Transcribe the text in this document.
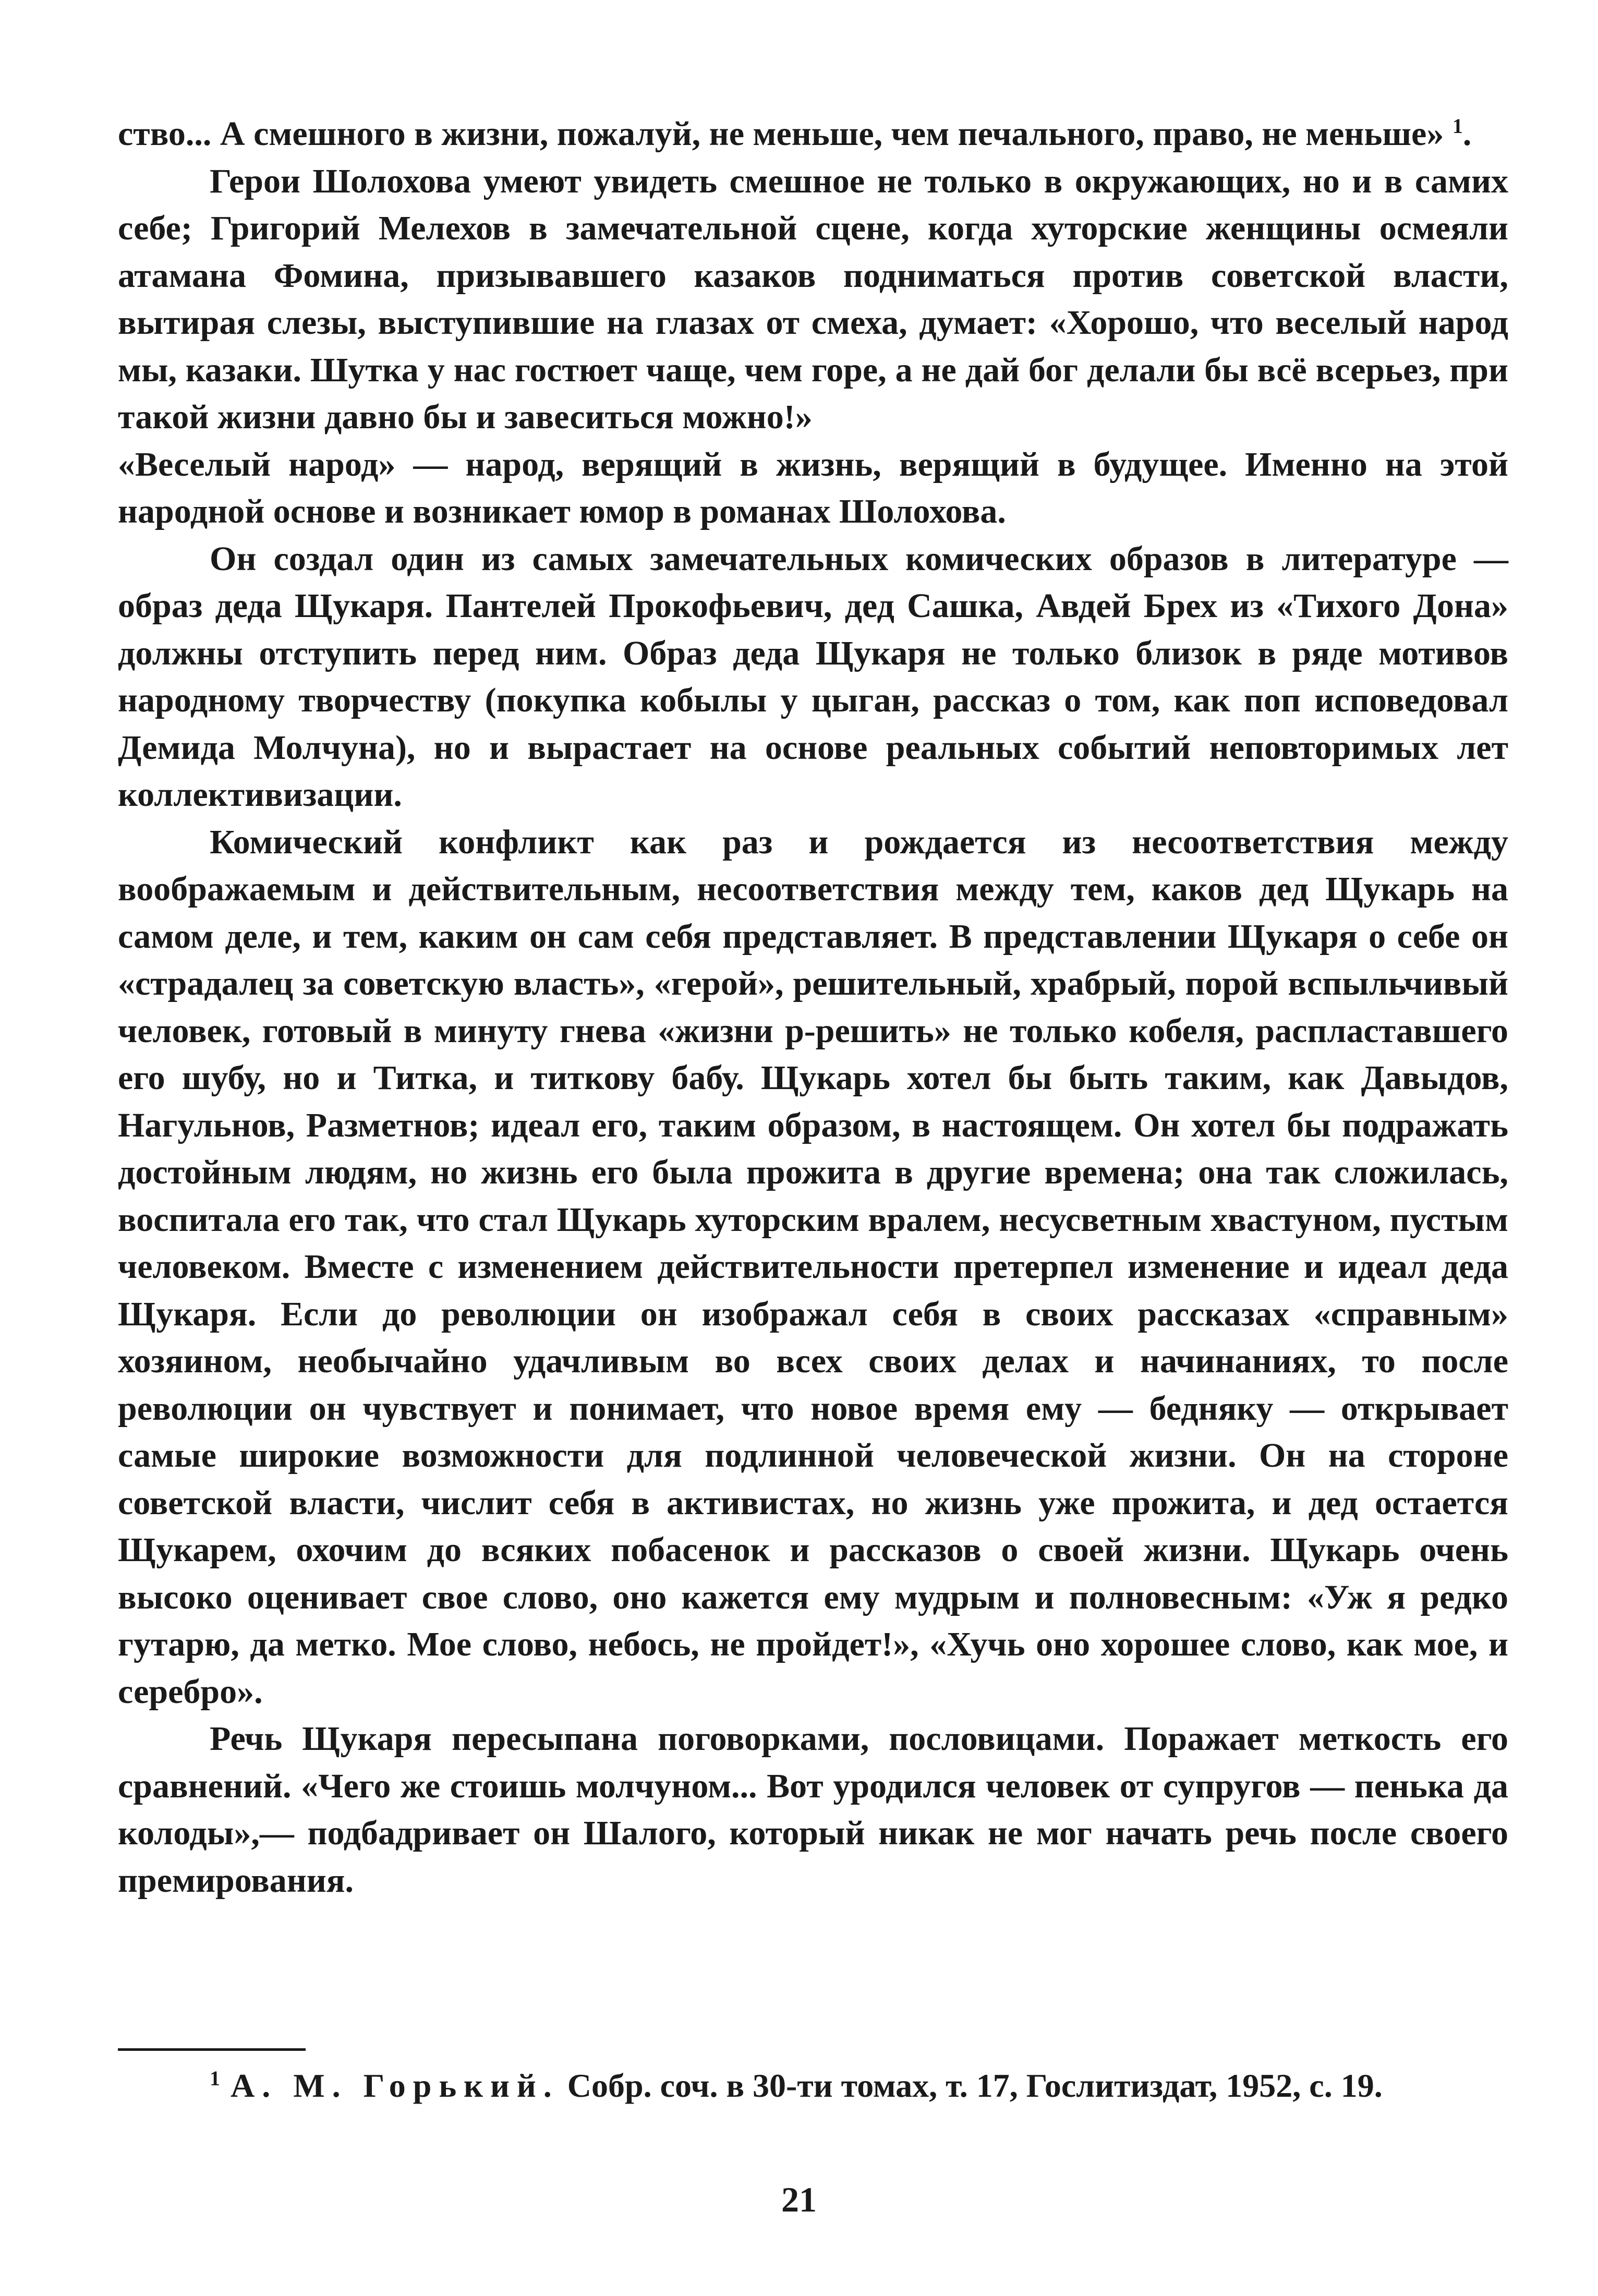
ство... А смешного в жизни, пожалуй, не меньше, чем печального, право, не меньше» $^1$.

Герои Шолохова умеют увидеть смешное не только в окружающих, но и в самих себе; Григорий Мелехов в замечательной сцене, когда хуторские женщины осмеяли атамана Фомина, призывавшего казаков подниматься против советской власти, вытирая слезы, выступившие на глазах от смеха, думает: «Хорошо, что веселый народ мы, казаки. Шутка у нас гостюет чаще, чем горе, а не дай бог делали бы всё всерьез, при такой жизни давно бы и завеситься можно!»

«Веселый народ» — народ, верящий в жизнь, верящий в будущее. Именно на этой народной основе и возникает юмор в романах Шолохова.

Он создал один из самых замечательных комических образов в литературе — образ деда Щукаря. Пантелей Прокофьевич, дед Сашка, Авдей Брех из «Тихого Дона» должны отступить перед ним. Образ деда Щукаря не только близок в ряде мотивов народному творчеству (покупка кобылы у цыган, рассказ о том, как поп исповедовал Демида Молчуна), но и вырастает на основе реальных событий неповторимых лет коллективизации.

Комический конфликт как раз и рождается из несоответствия между воображаемым и действительным, несоответствия между тем, каков дед Щукарь на самом деле, и тем, каким он сам себя представляет. В представлении Щукаря о себе он «страдалец за советскую власть», «герой», решительный, храбрый, порой вспыльчивый человек, готовый в минуту гнева «жизни р-решить» не только кобеля, распластавшего его шубу, но и Титка, и титкову бабу. Щукарь хотел бы быть таким, как Давыдов, Нагульнов, Разметнов; идеал его, таким образом, в настоящем. Он хотел бы подражать достойным людям, но жизнь его была прожита в другие времена; она так сложилась, воспитала его так, что стал Щукарь хуторским вралем, несусветным хвастуном, пустым человеком. Вместе с изменением действительности претерпел изменение и идеал деда Щукаря. Если до революции он изображал себя в своих рассказах «справным» хозяином, необычайно удачливым во всех своих делах и начинаниях, то после революции он чувствует и понимает, что новое время ему — бедняку — открывает самые широкие возможности для подлинной человеческой жизни. Он на стороне советской власти, числит себя в активистах, но жизнь уже прожита, и дед остается Щукарем, охочим до всяких побасенок и рассказов о своей жизни. Щукарь очень высоко оценивает свое слово, оно кажется ему мудрым и полновесным: «Уж я редко гутарю, да метко. Мое слово, небось, не пройдет!», «Хучь оно хорошее слово, как мое, и серебро».

Речь Щукаря пересыпана поговорками, пословицами. Поражает меткость его сравнений. «Чего же стоишь молчуном... Вот уродился человек от супругов — пенька да колоды»,— подбадривает он Шалого, который никак не мог начать речь после своего премирования.

$^1$ А. М. Горький. Собр. соч. в 30-ти томах, т. 17, Гослитиздат, 1952, с. 19.
21
